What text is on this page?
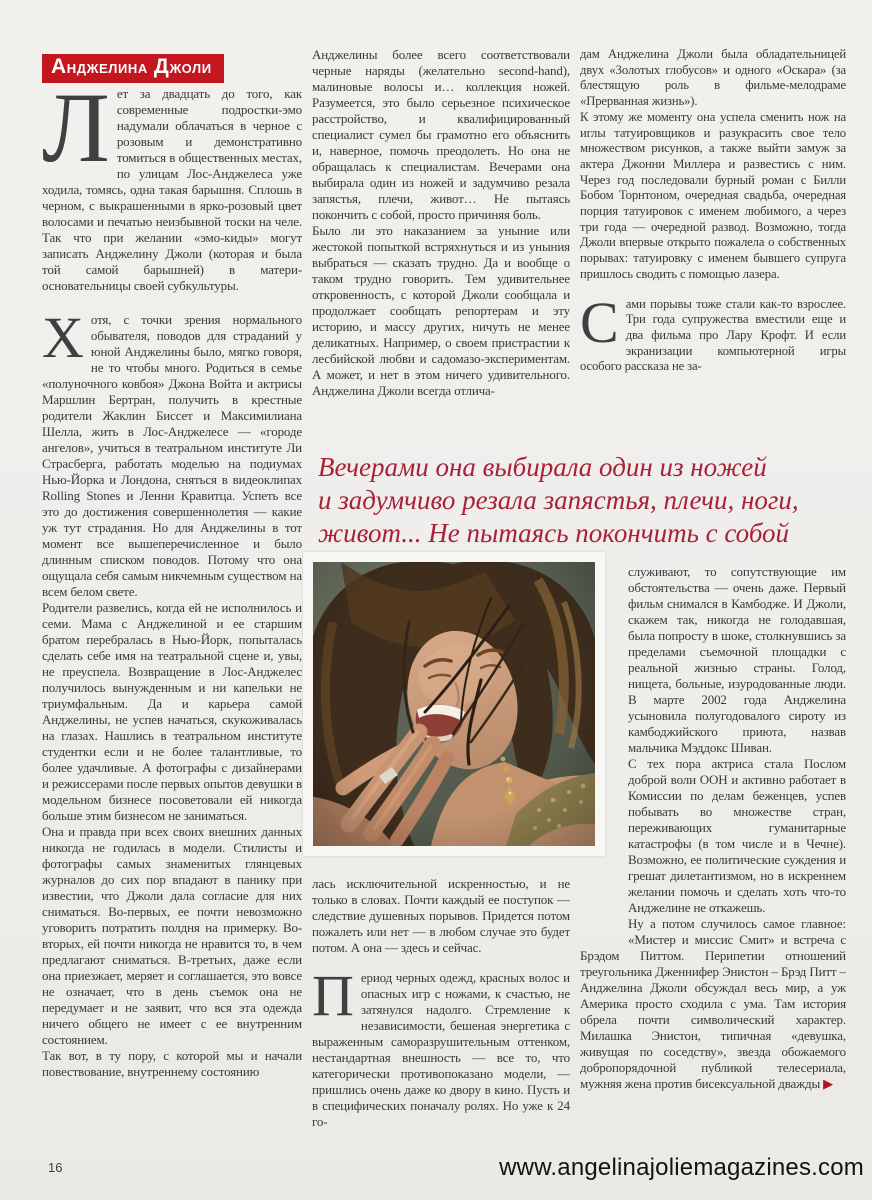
АНДЖЕЛИНА ДЖОЛИ

Лет за двадцать до того, как современные подростки-эмо надумали облачаться в черное с розовым и демонстративно томиться в общественных местах, по улицам Лос-Анджелеса уже ходила, томясь, одна такая барышня. Сплошь в черном, с выкрашенными в ярко-розовый цвет волосами и печатью неизбывной тоски на челе. Так что при желании «эмо-киды» могут записать Анджелину Джоли (которая и была той самой барышней) в матери-основательницы своей субкультуры.

Хотя, с точки зрения нормального обывателя, поводов для страданий у юной Анджелины было, мягко говоря, не то чтобы много. Родиться в семье «полуночного ковбоя» Джона Войта и актрисы Маршлин Бертран, получить в крестные родители Жаклин Биссет и Максимилиана Шелла, жить в Лос-Анджелесе — «городе ангелов», учиться в театральном институте Ли Страсберга, работать моделью на подиумах Нью-Йорка и Лондона, сняться в видеоклипах Rolling Stones и Ленни Кравитца. Успеть все это до достижения совершеннолетия — какие уж тут страдания. Но для Анджелины в тот момент все вышеперечисленное и было длинным списком поводов. Потому что она ощущала себя самым никчемным существом на всем белом свете.

Родители развелись, когда ей не исполнилось и семи. Мама с Анджелиной и ее старшим братом перебралась в Нью-Йорк, попыталась сделать себе имя на театральной сцене и, увы, не преуспела. Возвращение в Лос-Анджелес получилось вынужденным и ни капельки не триумфальным. Да и карьера самой Анджелины, не успев начаться, скукоживалась на глазах. Нашлись в театральном институте студентки если и не более талантливые, то более удачливые. А фотографы с дизайнерами и режиссерами после первых опытов девушки в модельном бизнесе посоветовали ей никогда больше этим бизнесом не заниматься.

Она и правда при всех своих внешних данных никогда не годилась в модели. Стилисты и фотографы самых знаменитых глянцевых журналов до сих пор впадают в панику при известии, что Джоли дала согласие для них сниматься. Во-первых, ее почти невозможно уговорить потратить полдня на примерку. Во-вторых, ей почти никогда не нравится то, в чем предлагают сниматься. В-третьих, даже если она приезжает, меряет и соглашается, это вовсе не означает, что в день съемок она не передумает и не заявит, что вся эта одежда ничего общего не имеет с ее внутренним состоянием.

Так вот, в ту пору, с которой мы и начали повествование, внутреннему состоянию

Анджелины более всего соответствовали черные наряды (желательно second-hand), малиновые волосы и… коллекция ножей. Разумеется, это было серьезное психическое расстройство, и квалифицированный специалист сумел бы грамотно его объяснить и, наверное, помочь преодолеть. Но она не обращалась к специалистам. Вечерами она выбирала один из ножей и задумчиво резала запястья, плечи, живот… Не пытаясь покончить с собой, просто причиняя боль.

Было ли это наказанием за уныние или жестокой попыткой встряхнуться и из уныния выбраться — сказать трудно. Да и вообще о таком трудно говорить. Тем удивительнее откровенность, с которой Джоли сообщала и продолжает сообщать репортерам и эту историю, и массу других, ничуть не менее деликатных. Например, о своем пристрастии к лесбийской любви и садомазо-экспериментам. А может, и нет в этом ничего удивительного. Анджелина Джоли всегда отлича-

дам Анджелина Джоли была обладательницей двух «Золотых глобусов» и одного «Оскара» (за блестящую роль в фильме-мелодраме «Прерванная жизнь»).

К этому же моменту она успела сменить нож на иглы татуировщиков и разукрасить свое тело множеством рисунков, а также выйти замуж за актера Джонни Миллера и развестись с ним. Через год последовали бурный роман с Билли Бобом Торнтоном, очередная свадьба, очередная порция татуировок с именем любимого, а через три года — очередной развод. Возможно, тогда Джоли впервые открыто пожалела о собственных порывах: татуировку с именем бывшего супруга пришлось сводить с помощью лазера.

Сами порывы тоже стали как-то взрослее. Три года супружества вместили еще и два фильма про Лару Крофт. И если экранизации компьютерной игры особого рассказа не за-

Вечерами она выбирала один из ножей
и задумчиво резала запястья, плечи, ноги,
живот... Не пытаясь покончить с собой

лась исключительной искренностью, и не только в словах. Почти каждый ее поступок — следствие душевных порывов. Придется потом пожалеть или нет — в любом случае это будет потом. А она — здесь и сейчас.

Период черных одежд, красных волос и опасных игр с ножами, к счастью, не затянулся надолго. Стремление к независимости, бешеная энергетика с выраженным саморазрушительным оттенком, нестандартная внешность — все то, что категорически противопоказано модели, — пришлись очень даже ко двору в кино. Пусть и в специфических поначалу ролях. Но уже к 24 го-

служивают, то сопутствующие им обстоятельства — очень даже. Первый фильм снимался в Камбодже. И Джоли, скажем так, никогда не голодавшая, была попросту в шоке, столкнувшись за пределами съемочной площадки с реальной жизнью страны. Голод, нищета, больные, изуродованные люди. В марте 2002 года Анджелина усыновила полугодовалого сироту из камбоджийского приюта, назвав мальчика Мэддокс Шиван.

С тех пора актриса стала Послом доброй воли ООН и активно работает в Комиссии по делам беженцев, успев побывать во множестве стран, переживающих гуманитарные катастрофы (в том числе и в Чечне). Возможно, ее политические суждения и грешат дилетантизмом, но в искреннем желании помочь и сделать хоть что-то Анджелине не откажешь.

Ну а потом случилось самое главное: «Мистер и миссис Смит» и встреча с Брэдом Питтом. Перипетии отношений треугольника Дженнифер Энистон – Брэд Питт – Анджелина Джоли обсуждал весь мир, а уж Америка просто сходила с ума. Там история обрела почти символический характер. Милашка Энистон, типичная «девушка, живущая по соседству», звезда обожаемого добропорядочной публикой телесериала, мужняя жена против бисексуальной дважды ▶

16	www.angelinajoliemagazines.com
